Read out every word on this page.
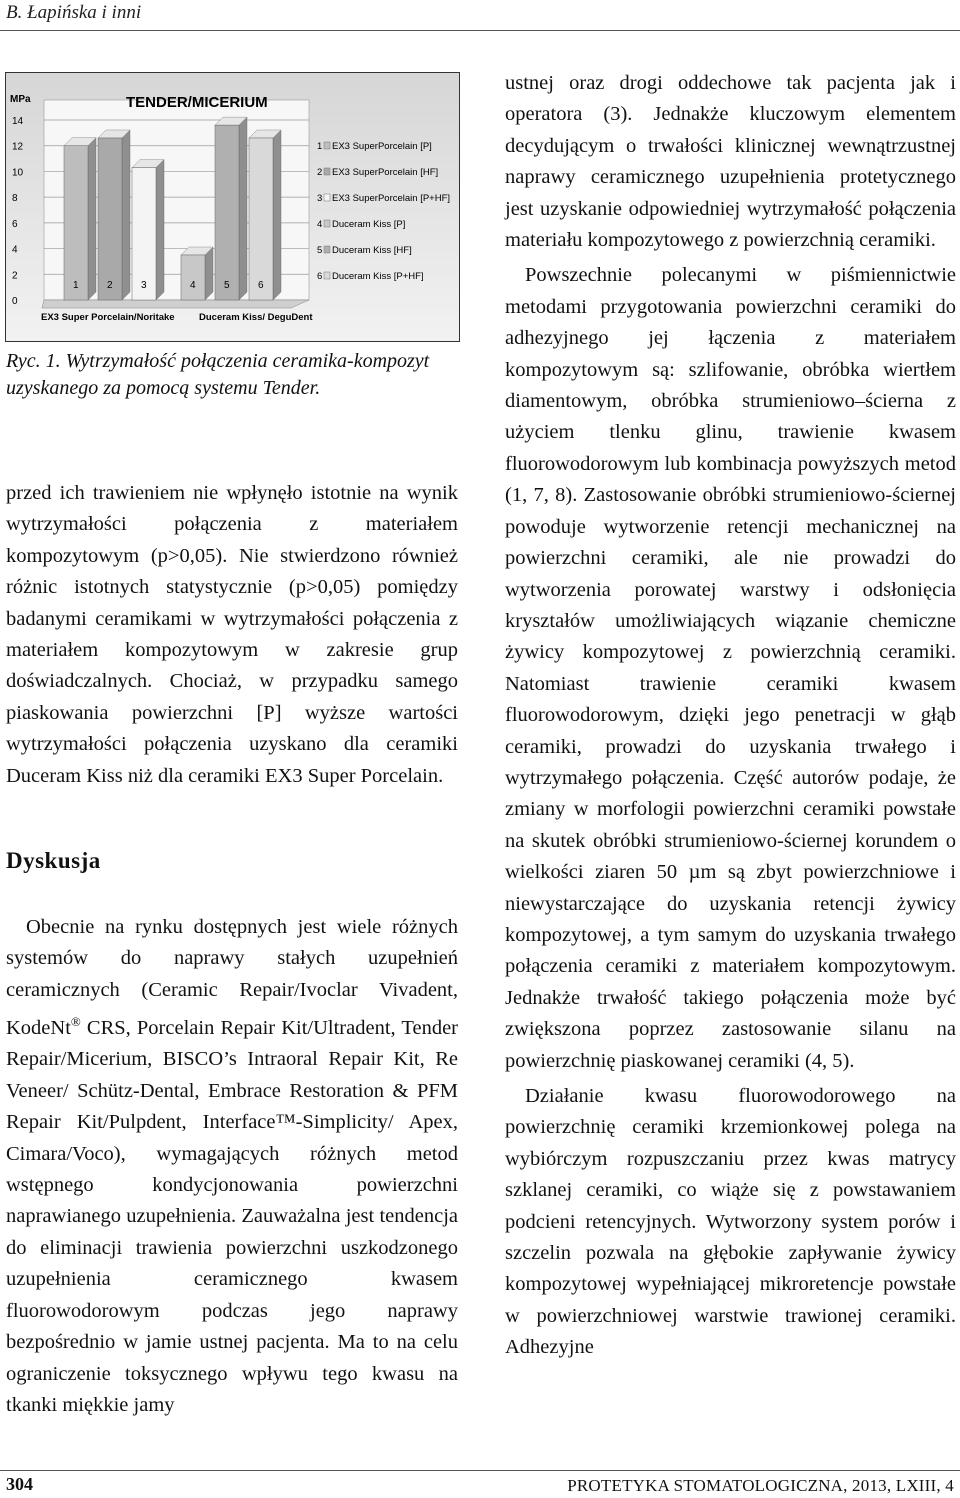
B. Łapińska i inni
0
2
4
6
8
10
12
14
1	2	3	4	5	6
MPa	TENDER/MICERIUM
EX3 Super Porcelain/Noritake	Duceram Kiss/ DeguDent
1 EX3 SuperPorcelain [P]
2 EX3 SuperPorcelain [HF]
3 EX3 SuperPorcelain [P+HF]
4 Duceram Kiss [P]
5 Duceram Kiss [HF]
6 Duceram Kiss [P+HF]
Ryc. 1. Wytrzymałość połączenia ceramika-kompozyt uzyskanego za pomocą systemu Tender.

przed ich trawieniem nie wpłynęło istotnie na wynik wytrzymałości połączenia z materiałem kompozytowym (p>0,05). Nie stwierdzono również różnic istotnych statystycznie (p>0,05) pomiędzy badanymi ceramikami w wytrzymałości połączenia z materiałem kompozytowym w zakresie grup doświadczalnych. Chociaż, w przypadku samego piaskowania powierzchni [P] wyższe wartości wytrzymałości połączenia uzyskano dla ceramiki Duceram Kiss niż dla ceramiki EX3 Super Porcelain.

Dyskusja

Obecnie na rynku dostępnych jest wiele różnych systemów do naprawy stałych uzupełnień ceramicznych (Ceramic Repair/Ivoclar Vivadent, KodeNt® CRS, Porcelain Repair Kit/Ultradent, Tender Repair/Micerium, BISCO’s Intraoral Repair Kit, Re Veneer/ Schütz-Dental, Embrace Restoration & PFM Repair Kit/Pulpdent, Interface™-Simplicity/ Apex, Cimara/Voco), wymagających różnych metod wstępnego kondycjonowania powierzchni naprawianego uzupełnienia. Zauważalna jest tendencja do eliminacji trawienia powierzchni uszkodzonego uzupełnienia ceramicznego kwasem fluorowodorowym podczas jego naprawy bezpośrednio w jamie ustnej pacjenta. Ma to na celu ograniczenie toksycznego wpływu tego kwasu na tkanki miękkie jamy

ustnej oraz drogi oddechowe tak pacjenta jak i operatora (3). Jednakże kluczowym elementem decydującym o trwałości klinicznej wewnątrzustnej naprawy ceramicznego uzupełnienia protetycznego jest uzyskanie odpowiedniej wytrzymałość połączenia materiału kompozytowego z powierzchnią ceramiki.

Powszechnie polecanymi w piśmiennictwie metodami przygotowania powierzchni ceramiki do adhezyjnego jej łączenia z materiałem kompozytowym są: szlifowanie, obróbka wiertłem diamentowym, obróbka strumieniowo–ścierna z użyciem tlenku glinu, trawienie kwasem fluorowodorowym lub kombinacja powyższych metod (1, 7, 8). Zastosowanie obróbki strumieniowo-ściernej powoduje wytworzenie retencji mechanicznej na powierzchni ceramiki, ale nie prowadzi do wytworzenia porowatej warstwy i odsłonięcia kryształów umożliwiających wiązanie chemiczne żywicy kompozytowej z powierzchnią ceramiki. Natomiast trawienie ceramiki kwasem fluorowodorowym, dzięki jego penetracji w głąb ceramiki, prowadzi do uzyskania trwałego i wytrzymałego połączenia. Część autorów podaje, że zmiany w morfologii powierzchni ceramiki powstałe na skutek obróbki strumieniowo-ściernej korundem o wielkości ziaren 50 µm są zbyt powierzchniowe i niewystarczające do uzyskania retencji żywicy kompozytowej, a tym samym do uzyskania trwałego połączenia ceramiki z materiałem kompozytowym. Jednakże trwałość takiego połączenia może być zwiększona poprzez zastosowanie silanu na powierzchnię piaskowanej ceramiki (4, 5).

Działanie kwasu fluorowodorowego na powierzchnię ceramiki krzemionkowej polega na wybiórczym rozpuszczaniu przez kwas matrycy szklanej ceramiki, co wiąże się z powstawaniem podcieni retencyjnych. Wytworzony system porów i szczelin pozwala na głębokie zapływanie żywicy kompozytowej wypełniającej mikroretencje powstałe w powierzchniowej warstwie trawionej ceramiki. Adhezyjne

304	PROTETYKA STOMATOLOGICZNA, 2013, LXIII, 4
